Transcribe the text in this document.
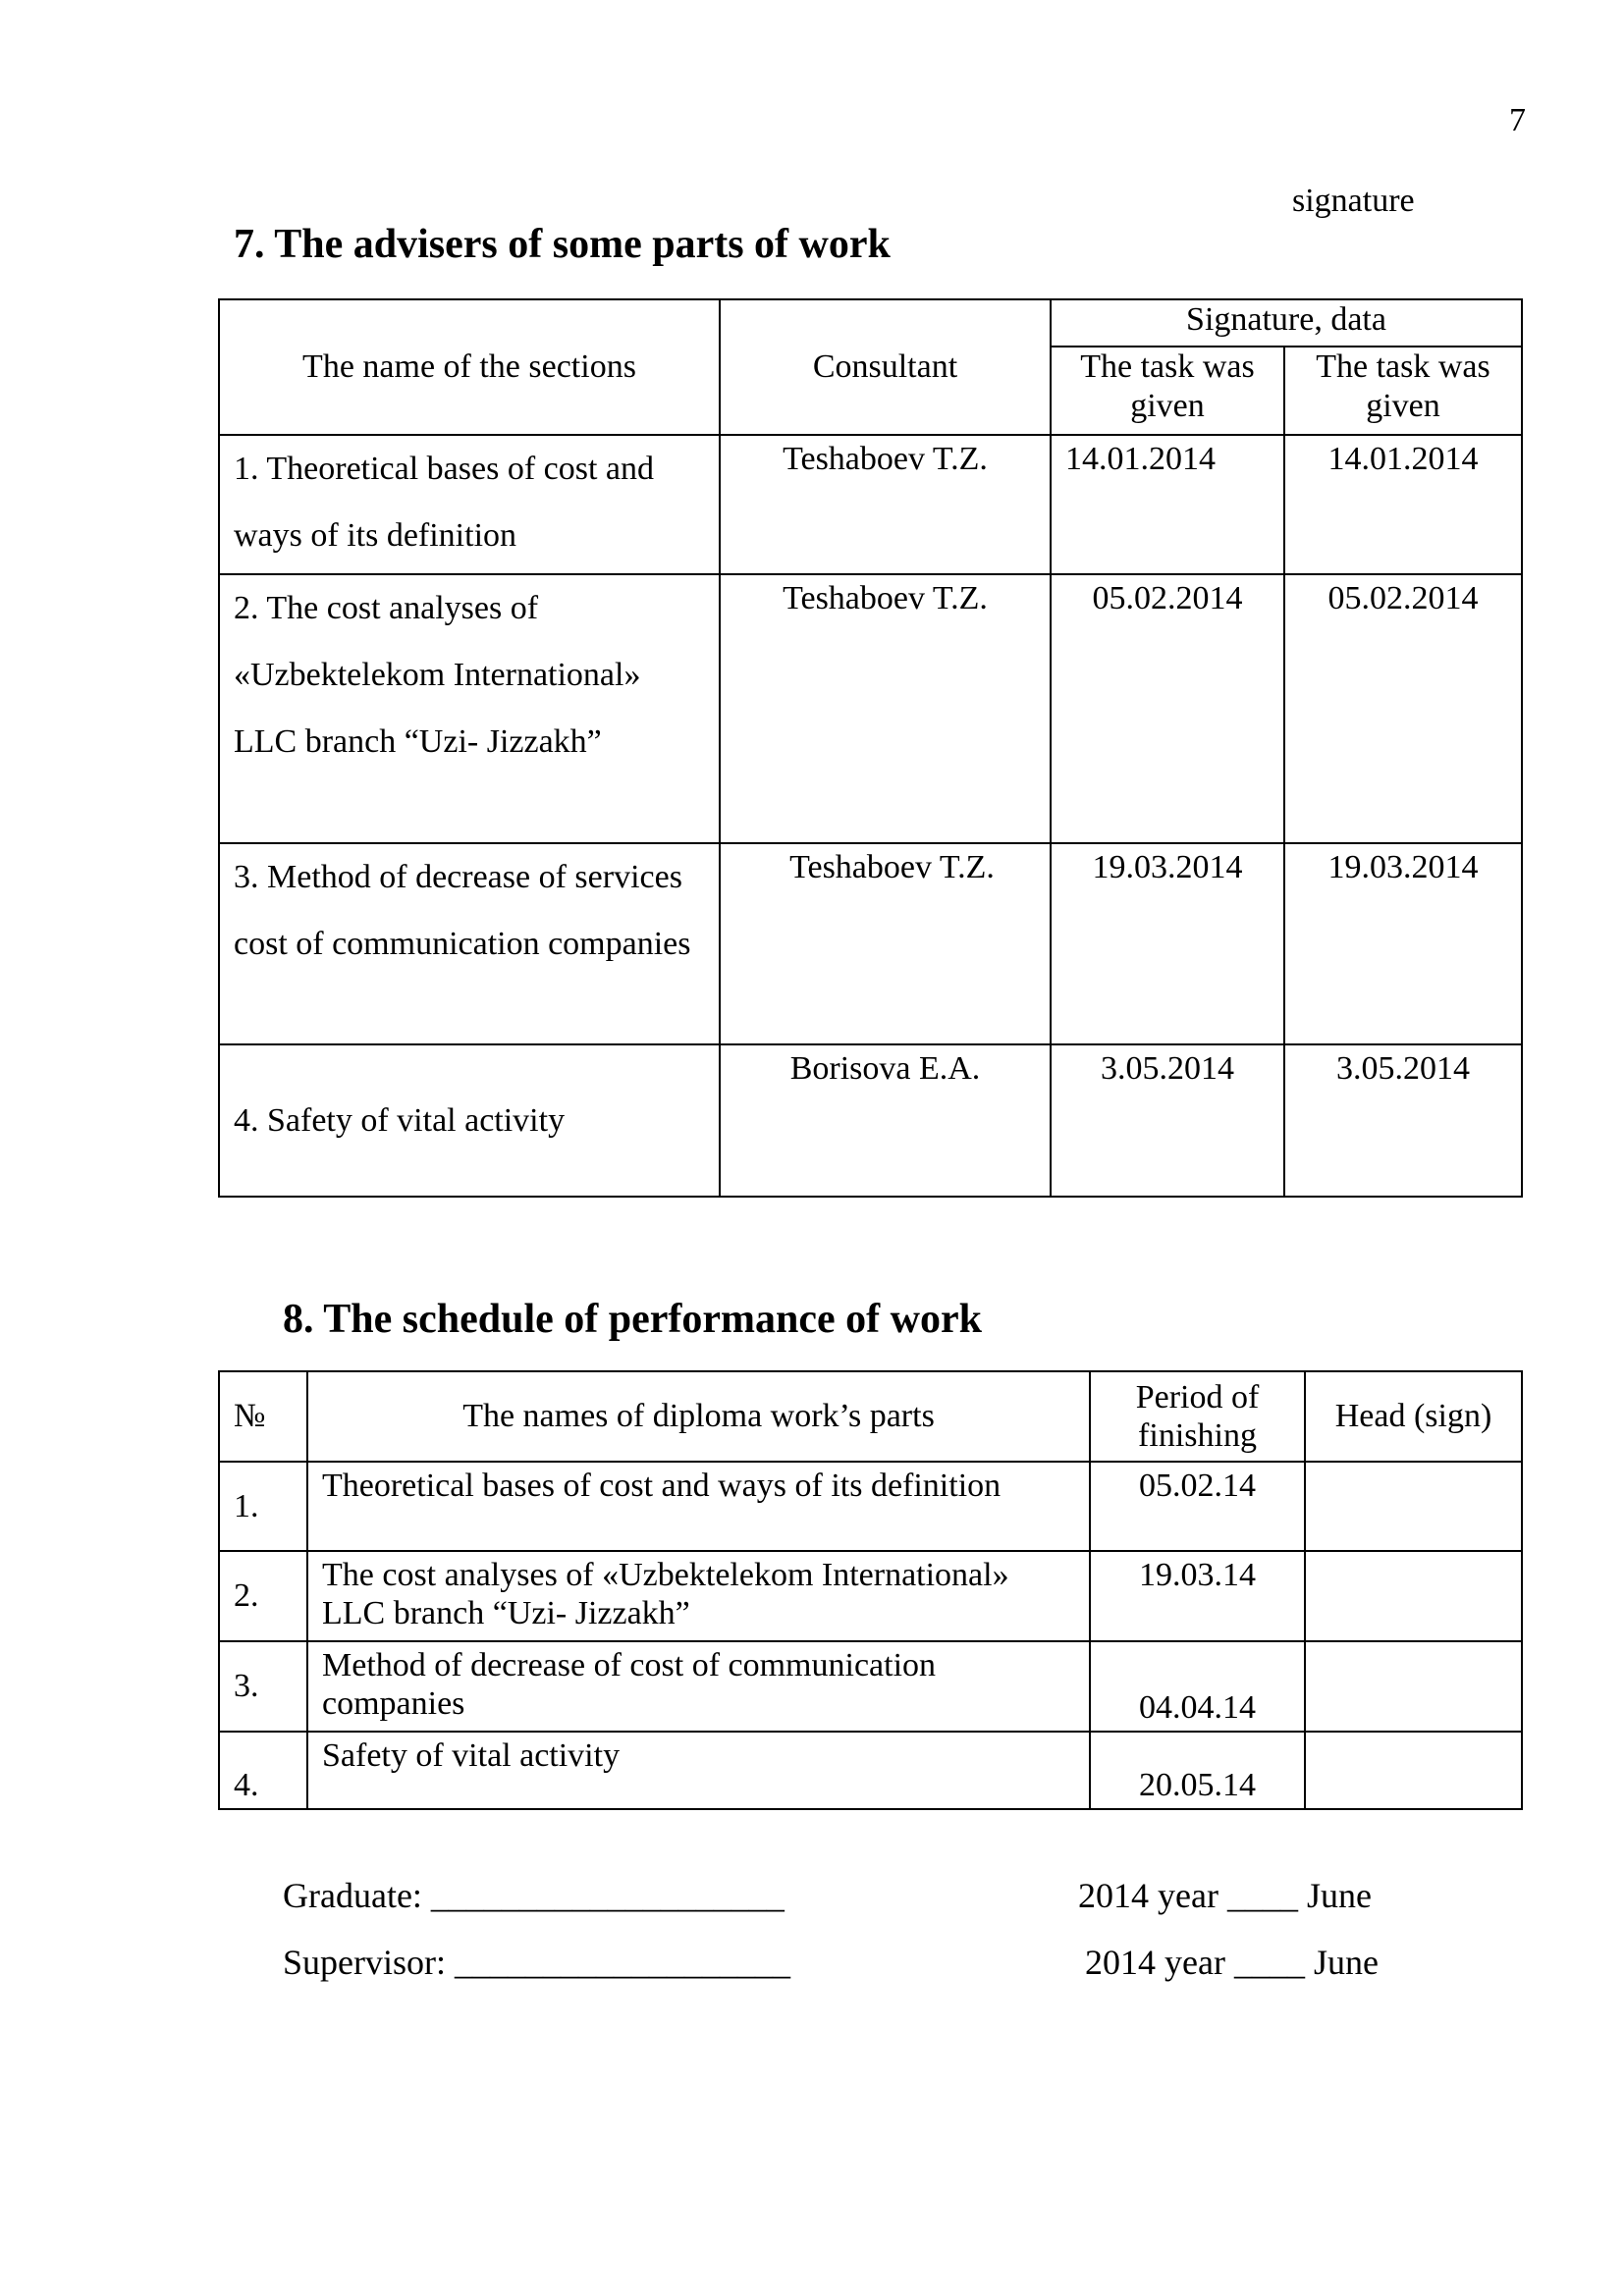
7
signature
7. The advisers of some parts of work
The name of the sections	Consultant	Signature, data	
		The task was given	The task was given
1. Theoretical bases of cost and ways of its definition	Teshaboev T.Z.	14.01.2014	14.01.2014
2. The cost analyses of «Uzbektelekom International» LLC branch “Uzi- Jizzakh”	Teshaboev T.Z.	05.02.2014	05.02.2014
3. Method of decrease of services cost of communication companies	Teshaboev T.Z.	19.03.2014	19.03.2014
4. Safety of vital activity	Borisova E.A.	3.05.2014	3.05.2014
8. The schedule of performance of work
№	The names of diploma work’s parts	Period of finishing	Head (sign)
1.	Theoretical bases of cost and ways of its definition	05.02.14	
2.	The cost analyses of «Uzbektelekom International» LLC branch “Uzi- Jizzakh”	19.03.14	
3.	Method of decrease of cost of communication companies	04.04.14	
4.	Safety of vital activity	20.05.14	
Graduate: ____________________	2014 year ____ June
Supervisor: ___________________	2014 year ____ June
